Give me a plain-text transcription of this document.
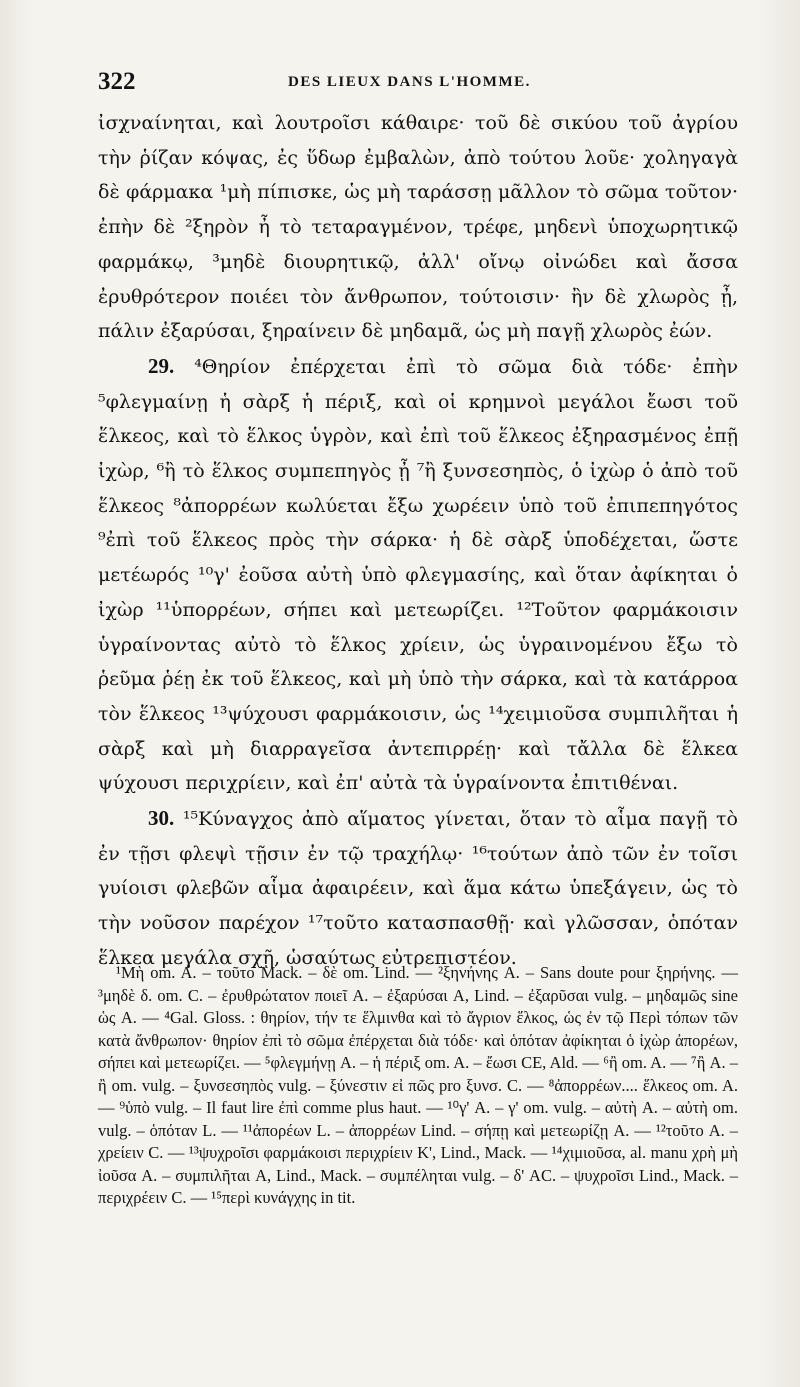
322	DES LIEUX DANS L'HOMME.

ἰσχναίνηται, καὶ λουτροῖσι κάθαιρε· τοῦ δὲ σικύου τοῦ ἀγρίου τὴν ῥίζαν κόψας, ἐς ὕδωρ ἐμβαλὼν, ἀπὸ τούτου λοῦε· χοληγαγὰ δὲ φάρμακα ¹μὴ πίπισκε, ὡς μὴ ταράσσῃ μᾶλλον τὸ σῶμα τοῦτον· ἐπὴν δὲ ²ξηρὸν ἦ τὸ τεταραγμένον, τρέφε, μηδενὶ ὑποχωρητικῷ φαρμάκῳ, ³μηδὲ διουρητικῷ, ἀλλ' οἴνῳ οἰνώδει καὶ ἄσσα ἐρυθρότερον ποιέει τὸν ἄνθρωπον, τούτοισιν· ἢν δὲ χλωρὸς ᾖ, πάλιν ἐξαρύσαι, ξηραίνειν δὲ μηδαμᾶ, ὡς μὴ παγῇ χλωρὸς ἐών.

29. ⁴Θηρίον ἐπέρχεται ἐπὶ τὸ σῶμα διὰ τόδε· ἐπὴν ⁵φλεγμαίνῃ ἡ σὰρξ ἡ πέριξ, καὶ οἱ κρημνοὶ μεγάλοι ἔωσι τοῦ ἕλκεος, καὶ τὸ ἕλκος ὑγρὸν, καὶ ἐπὶ τοῦ ἕλκεος ἐξηρασμένος ἐπῇ ἰχὼρ, ⁶ἢ τὸ ἕλκος συμπεπηγὸς ᾖ ⁷ἢ ξυνσεσηπὸς, ὁ ἰχὼρ ὁ ἀπὸ τοῦ ἕλκεος ⁸ἀπορρέων κωλύεται ἔξω χωρέειν ὑπὸ τοῦ ἐπιπεπηγότος ⁹ἐπὶ τοῦ ἕλκεος πρὸς τὴν σάρκα· ἡ δὲ σὰρξ ὑποδέχεται, ὥστε μετέωρός ¹⁰γ' ἐοῦσα αὐτὴ ὑπὸ φλεγμασίης, καὶ ὅταν ἀφίκηται ὁ ἰχὼρ ¹¹ὑπορρέων, σήπει καὶ μετεωρίζει. ¹²Τοῦτον φαρμάκοισιν ὑγραίνοντας αὐτὸ τὸ ἕλκος χρίειν, ὡς ὑγραινομένου ἔξω τὸ ῥεῦμα ῥέῃ ἐκ τοῦ ἕλκεος, καὶ μὴ ὑπὸ τὴν σάρκα, καὶ τὰ κατάρροα τὸν ἕλκεος ¹³ψύχουσι φαρμάκοισιν, ὡς ¹⁴χειμιοῦσα συμπιλῆται ἡ σὰρξ καὶ μὴ διαρραγεῖσα ἀντεπιρρέῃ· καὶ τἄλλα δὲ ἕλκεα ψύχουσι περιχρίειν, καὶ ἐπ' αὐτὰ τὰ ὑγραίνοντα ἐπιτιθέναι.

30. ¹⁵Κύναγχος ἀπὸ αἵματος γίνεται, ὅταν τὸ αἷμα παγῇ τὸ ἐν τῇσι φλεψὶ τῇσιν ἐν τῷ τραχήλῳ· ¹⁶τούτων ἀπὸ τῶν ἐν τοῖσι γυίοισι φλεβῶν αἷμα ἀφαιρέειν, καὶ ἅμα κάτω ὑπεξάγειν, ὡς τὸ τὴν νοῦσον παρέχον ¹⁷τοῦτο κατασπασθῇ· καὶ γλῶσσαν, ὁπόταν ἕλκεα μεγάλα σχῇ, ὡσαύτως εὐτρεπιστέον.

¹Μὴ om. A. – τοῦτο Mack. – δὲ om. Lind. — ²ξηνήνης A. – Sans doute pour ξηρήνης. — ³μηδὲ δ. om. C. – ἐρυθρώτατον ποιεῖ A. – ἐξαρύσαι A, Lind. – ἐξαρῦσαι vulg. – μηδαμῶς sine ὡς A. — ⁴Gal. Gloss. : θηρίον, τήν τε ἕλμινθα καὶ τὸ ἄγριον ἕλκος, ὡς ἐν τῷ Περὶ τόπων τῶν κατὰ ἄνθρωπον· θηρίον ἐπὶ τὸ σῶμα ἐπέρχεται διὰ τόδε· καὶ ὁπόταν ἀφίκηται ὁ ἰχὼρ ἀπορέων, σήπει καὶ μετεωρίζει. — ⁵φλεγμήνῃ A. – ἡ πέριξ om. A. – ἔωσι CE, Ald. — ⁶ἢ om. A. — ⁷ἢ A. – ἢ om. vulg. – ξυνσεσηπὸς vulg. – ξύνεστιν εἰ πῶς pro ξυνσ. C. — ⁸ἀπορρέων.... ἕλκεος om. A. — ⁹ὑπὸ vulg. – Il faut lire ἐπὶ comme plus haut. — ¹⁰γ' A. – γ' om. vulg. – αὐτὴ A. – αὐτὴ om. vulg. – ὁπόταν L. — ¹¹ἀπορέων L. – ἀπορρέων Lind. – σήπῃ καὶ μετεωρίζῃ A. — ¹²τοῦτο A. – χρείειν C. — ¹³ψυχροῖσι φαρμάκοισι περιχρίειν K', Lind., Mack. — ¹⁴χιμιοῦσα, al. manu χρὴ μὴ ἰοῦσα A. – συμπιλῆται A, Lind., Mack. – συμπέληται vulg. – δ' AC. – ψυχροῖσι Lind., Mack. – περιχρέειν C. — ¹⁵περὶ κυνάγχης in tit.
